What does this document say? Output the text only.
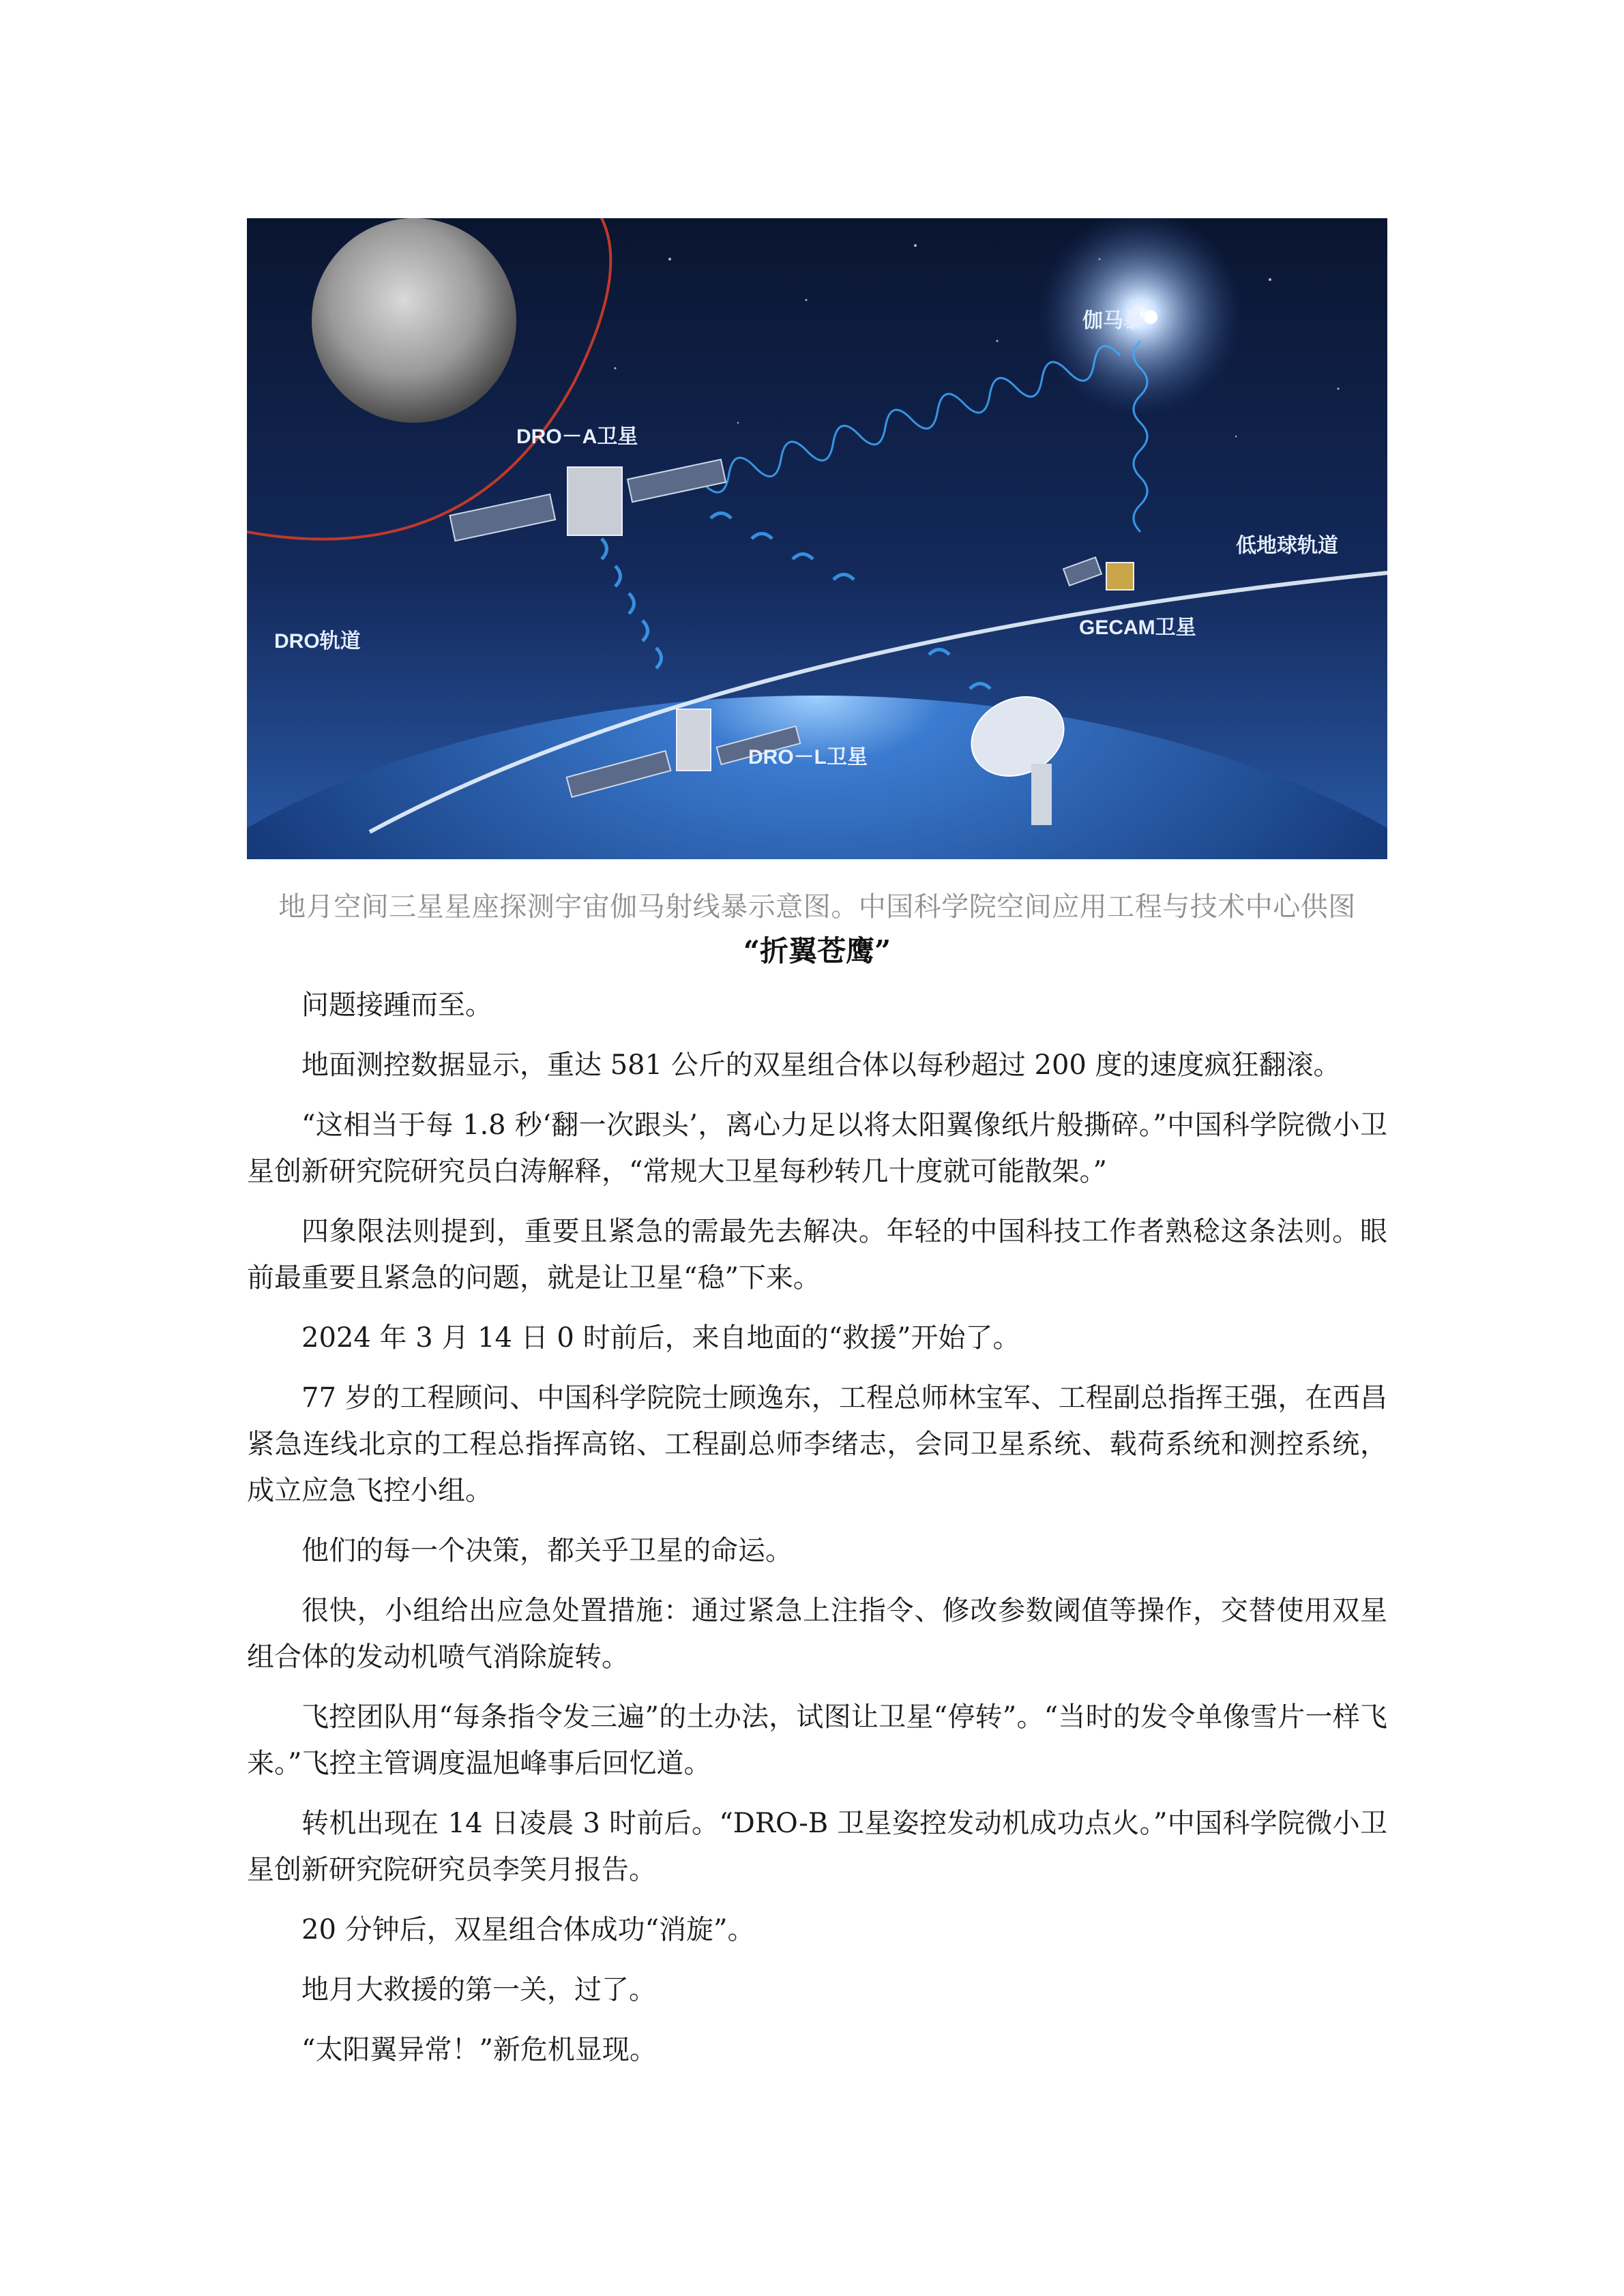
伽马暴
DRO－A卫星
低地球轨道
DRO轨道
GECAM卫星
DRO－L卫星
地月空间三星星座探测宇宙伽马射线暴示意图。中国科学院空间应用工程与技术中心供图
“折翼苍鹰”

问题接踵而至。

地面测控数据显示，重达 581 公斤的双星组合体以每秒超过 200 度的速度疯狂翻滚。

“这相当于每 1.8 秒‘翻一次跟头’，离心力足以将太阳翼像纸片般撕碎。”中国科学院微小卫星创新研究院研究员白涛解释，“常规大卫星每秒转几十度就可能散架。”

四象限法则提到，重要且紧急的需最先去解决。年轻的中国科技工作者熟稔这条法则。眼前最重要且紧急的问题，就是让卫星“稳”下来。

2024 年 3 月 14 日 0 时前后，来自地面的“救援”开始了。

77 岁的工程顾问、中国科学院院士顾逸东，工程总师林宝军、工程副总指挥王强，在西昌紧急连线北京的工程总指挥高铭、工程副总师李绪志，会同卫星系统、载荷系统和测控系统，成立应急飞控小组。

他们的每一个决策，都关乎卫星的命运。

很快，小组给出应急处置措施：通过紧急上注指令、修改参数阈值等操作，交替使用双星组合体的发动机喷气消除旋转。

飞控团队用“每条指令发三遍”的土办法，试图让卫星“停转”。“当时的发令单像雪片一样飞来。”飞控主管调度温旭峰事后回忆道。

转机出现在 14 日凌晨 3 时前后。“DRO-B 卫星姿控发动机成功点火。”中国科学院微小卫星创新研究院研究员李笑月报告。

20 分钟后，双星组合体成功“消旋”。

地月大救援的第一关，过了。

“太阳翼异常！”新危机显现。
